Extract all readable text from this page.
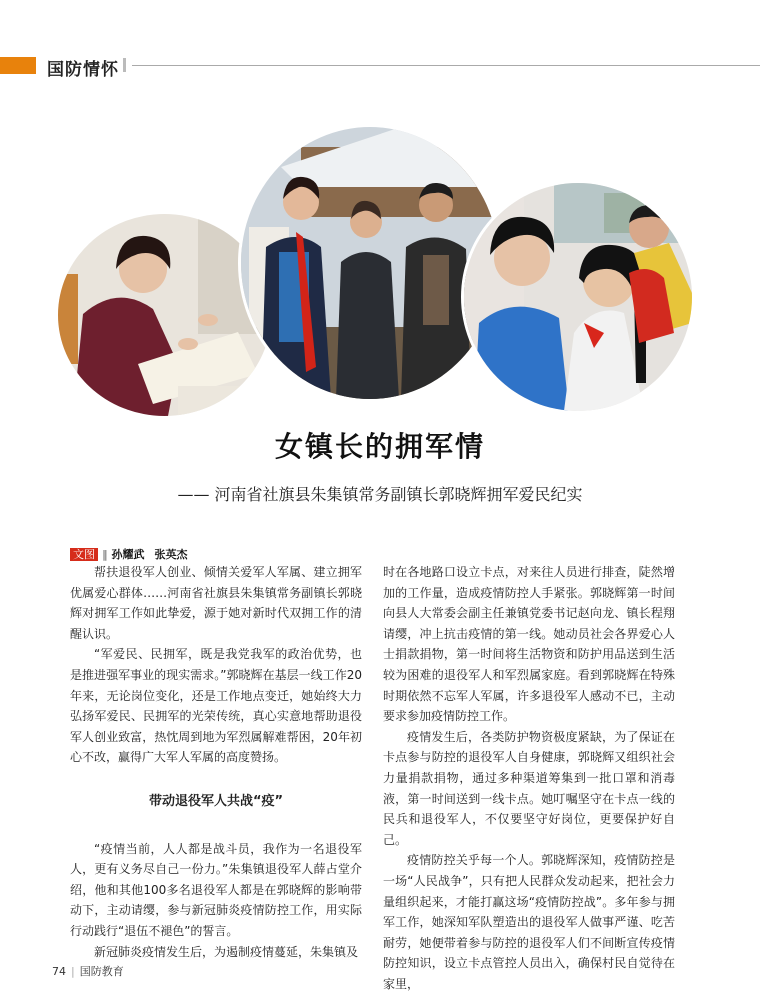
国防情怀
女镇长的拥军情
—— 河南省社旗县朱集镇常务副镇长郭晓辉拥军爱民纪实
文图 ‖ 孙耀武 张英杰

帮扶退役军人创业、倾情关爱军人军属、建立拥军优属爱心群体……河南省社旗县朱集镇常务副镇长郭晓辉对拥军工作如此挚爱，源于她对新时代双拥工作的清醒认识。

“军爱民、民拥军，既是我党我军的政治优势，也是推进强军事业的现实需求。”郭晓辉在基层一线工作20年来，无论岗位变化，还是工作地点变迁，她始终大力弘扬军爱民、民拥军的光荣传统，真心实意地帮助退役军人创业致富，热忱周到地为军烈属解难帮困，20年初心不改，赢得广大军人军属的高度赞扬。

带动退役军人共战“疫”

“疫情当前，人人都是战斗员，我作为一名退役军人，更有义务尽自己一份力。”朱集镇退役军人薛占堂介绍，他和其他100多名退役军人都是在郭晓辉的影响带动下，主动请缨，参与新冠肺炎疫情防控工作，用实际行动践行“退伍不褪色”的誓言。

新冠肺炎疫情发生后，为遏制疫情蔓延，朱集镇及

时在各地路口设立卡点，对来往人员进行排查，陡然增加的工作量，造成疫情防控人手紧张。郭晓辉第一时间向县人大常委会副主任兼镇党委书记赵向龙、镇长程翔请缨，冲上抗击疫情的第一线。她动员社会各界爱心人士捐款捐物，第一时间将生活物资和防护用品送到生活较为困难的退役军人和军烈属家庭。看到郭晓辉在特殊时期依然不忘军人军属，许多退役军人感动不已，主动要求参加疫情防控工作。

疫情发生后，各类防护物资极度紧缺，为了保证在卡点参与防控的退役军人自身健康，郭晓辉又组织社会力量捐款捐物，通过多种渠道筹集到一批口罩和消毒液，第一时间送到一线卡点。她叮嘱坚守在卡点一线的民兵和退役军人，不仅要坚守好岗位，更要保护好自己。

疫情防控关乎每一个人。郭晓辉深知，疫情防控是一场“人民战争”，只有把人民群众发动起来，把社会力量组织起来，才能打赢这场“疫情防控战”。多年参与拥军工作，她深知军队塑造出的退役军人做事严谨、吃苦耐劳，她便带着参与防控的退役军人们不间断宣传疫情防控知识，设立卡点管控人员出入，确保村民自觉待在家里，

74 | 国防教育
